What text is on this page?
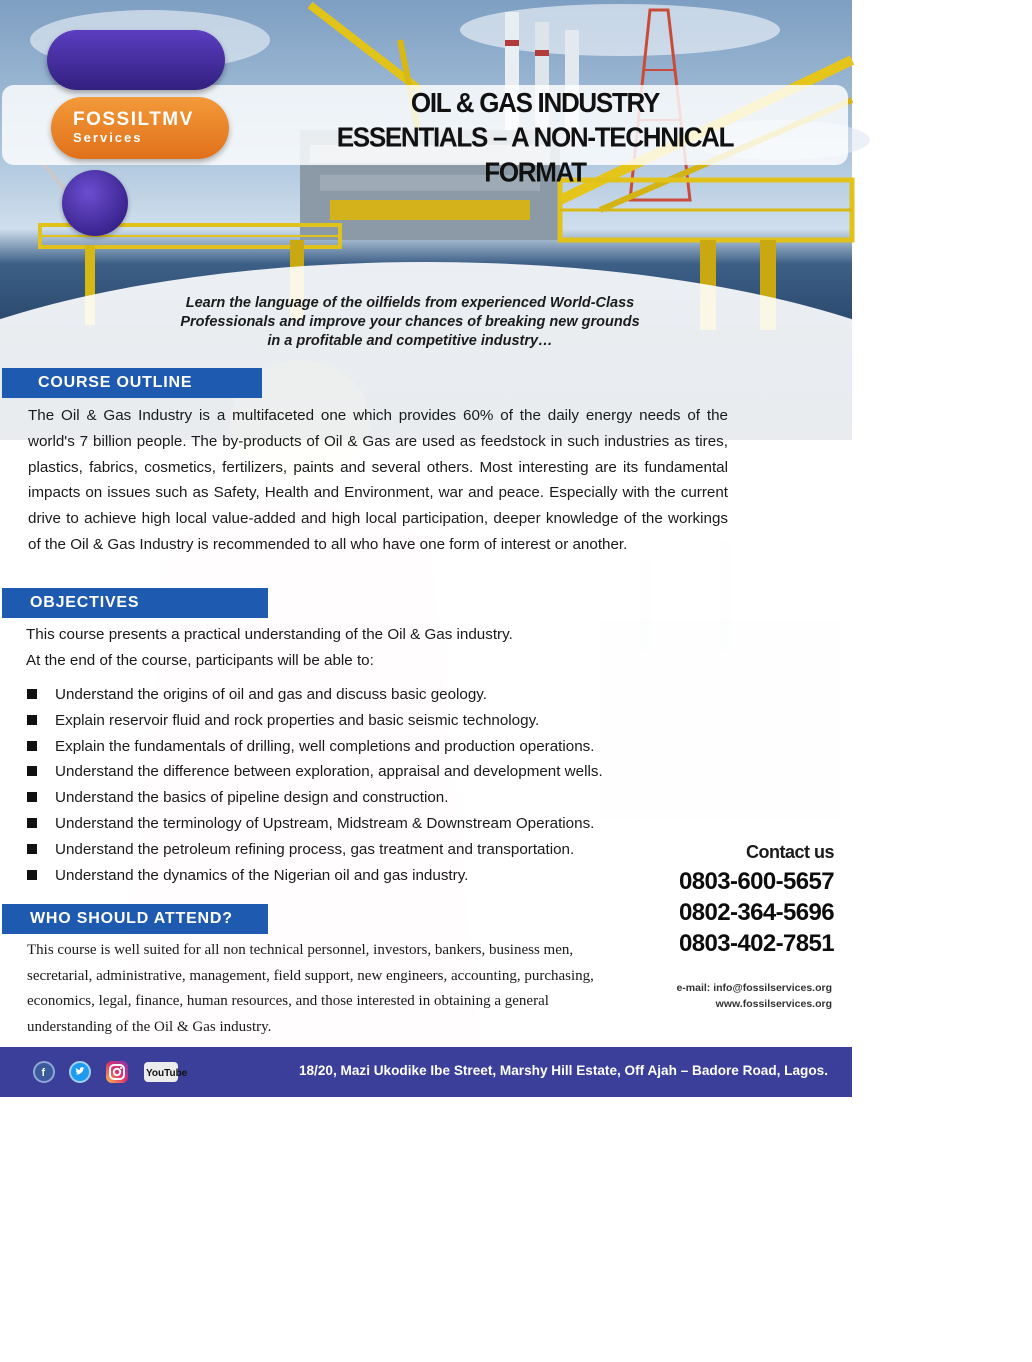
FOSSILTMV
Services
OIL & GAS INDUSTRY
ESSENTIALS – A NON-TECHNICAL FORMAT
Learn the language of the oilfields from experienced World-Class Professionals and improve your chances of breaking new grounds in a profitable and competitive industry…
COURSE OUTLINE

The Oil & Gas Industry is a multifaceted one which provides 60% of the daily energy needs of the world's 7 billion people. The by-products of Oil & Gas are used as feedstock in such industries as tires, plastics, fabrics, cosmetics, fertilizers, paints and several others. Most interesting are its fundamental impacts on issues such as Safety, Health and Environment, war and peace. Especially with the current drive to achieve high local value-added and high local participation, deeper knowledge of the workings of the Oil & Gas Industry is recommended to all who have one form of interest or another.

OBJECTIVES
This course presents a practical understanding of the Oil & Gas industry.
At the end of the course, participants will be able to:
Understand the origins of oil and gas and discuss basic geology.
Explain reservoir fluid and rock properties and basic seismic technology.
Explain the fundamentals of drilling, well completions and production operations.
Understand the difference between exploration, appraisal and development wells.
Understand the basics of pipeline design and construction.
Understand the terminology of Upstream, Midstream & Downstream Operations.
Understand the petroleum refining process, gas treatment and transportation.
Understand the dynamics of the Nigerian oil and gas industry.
WHO SHOULD ATTEND?

This course is well suited for all non technical personnel, investors, bankers, business men, secretarial, administrative, management, field support, new engineers, accounting, purchasing, economics, legal, finance, human resources, and those interested in obtaining a general understanding of the Oil & Gas industry.

Contact us
0803-600-5657
0802-364-5696
0803-402-7851
e-mail: info@fossilservices.org
www.fossilservices.org
f	YouTube	18/20, Mazi Ukodike Ibe Street, Marshy Hill Estate, Off Ajah – Badore Road, Lagos.
